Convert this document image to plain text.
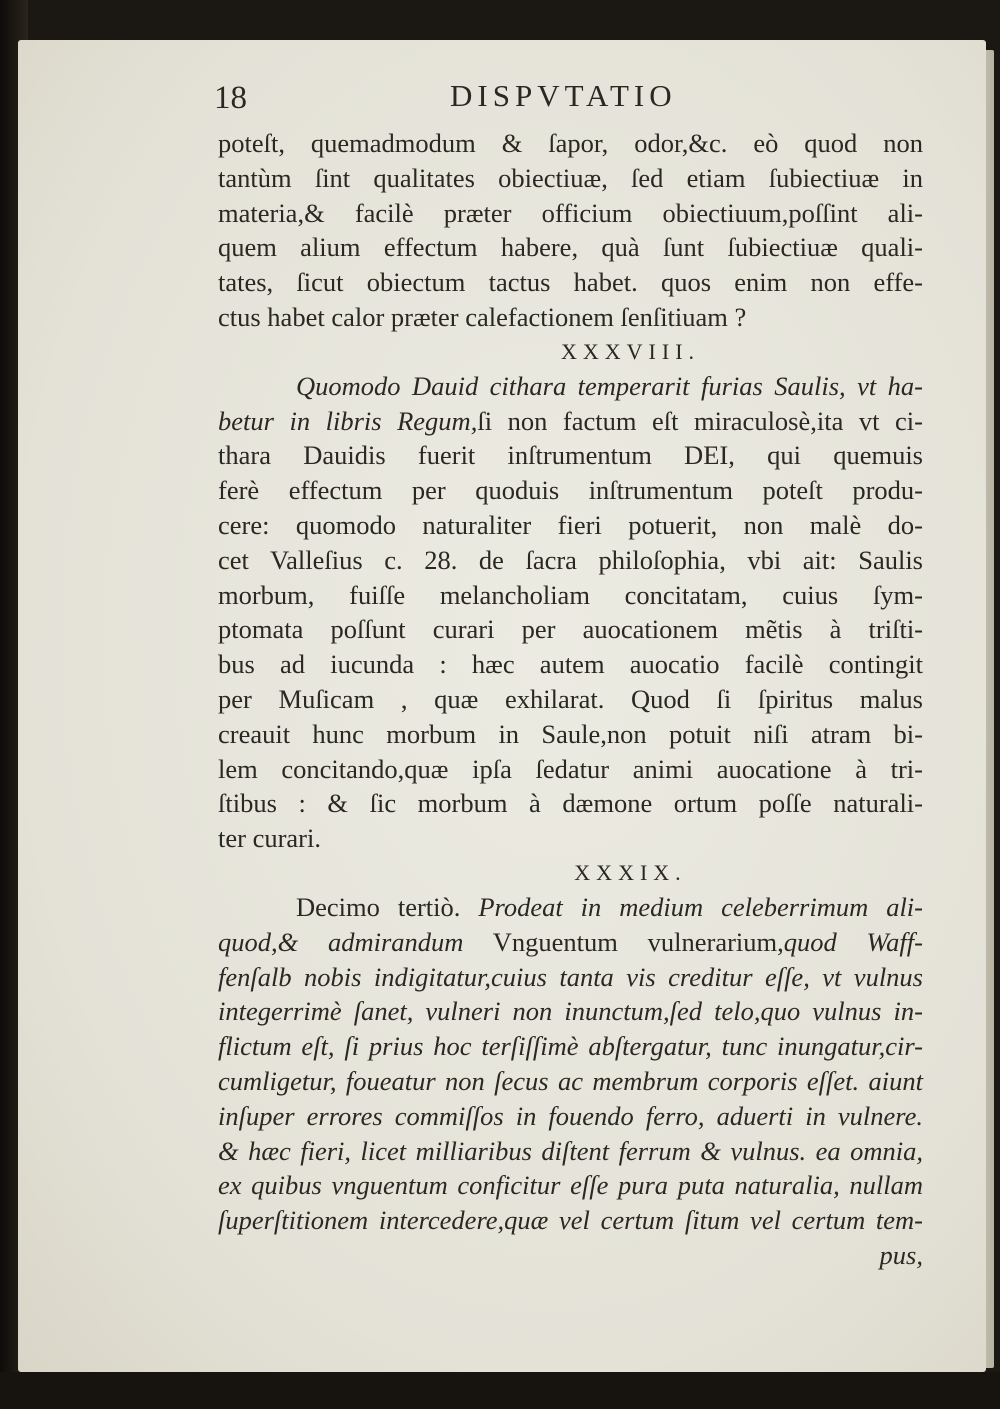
18	DISPVTATIO
poteſt, quemadmodum & ſapor, odor,&c. eò quod non
tantùm ſint qualitates obiectiuæ, ſed etiam ſubiectiuæ in
materia,& facilè præter officium obiectiuum,poſſint ali-
quem alium effectum habere, quà ſunt ſubiectiuæ quali-
tates, ſicut obiectum tactus habet. quos enim non effe-
ctus habet calor præter calefactionem ſenſitiuam ?
XXXVIII.
Quomodo Dauid cithara temperarit furias Saulis, vt ha-
betur in libris Regum,ſi non factum eſt miraculosè,ita vt ci-
thara Dauidis fuerit inſtrumentum DEI, qui quemuis
ferè effectum per quoduis inſtrumentum poteſt produ-
cere: quomodo naturaliter fieri potuerit, non malè do-
cet Valleſius c. 28. de ſacra philoſophia, vbi ait: Saulis
morbum, fuiſſe melancholiam concitatam, cuius ſym-
ptomata poſſunt curari per auocationem mẽtis à triſti-
bus ad iucunda : hæc autem auocatio facilè contingit
per Muſicam , quæ exhilarat. Quod ſi ſpiritus malus
creauit hunc morbum in Saule,non potuit niſi atram bi-
lem concitando,quæ ipſa ſedatur animi auocatione à tri-
ſtibus : & ſic morbum à dæmone ortum poſſe naturali-
ter curari.
XXXIX.
Decimo tertiò. Prodeat in medium celeberrimum ali-
quod,& admirandum Vnguentum vulnerarium,quod Waff-
fenſalb nobis indigitatur,cuius tanta vis creditur eſſe, vt vulnus
integerrimè ſanet, vulneri non inunctum,ſed telo,quo vulnus in-
flictum eſt, ſi prius hoc terſiſſimè abſtergatur, tunc inungatur,cir-
cumligetur, foueatur non ſecus ac membrum corporis eſſet. aiunt
inſuper errores commiſſos in fouendo ferro, aduerti in vulnere.
& hæc fieri, licet milliaribus diſtent ferrum & vulnus. ea omnia,
ex quibus vnguentum conficitur eſſe pura puta naturalia, nullam
ſuperſtitionem intercedere,quæ vel certum ſitum vel certum tem-
pus,
